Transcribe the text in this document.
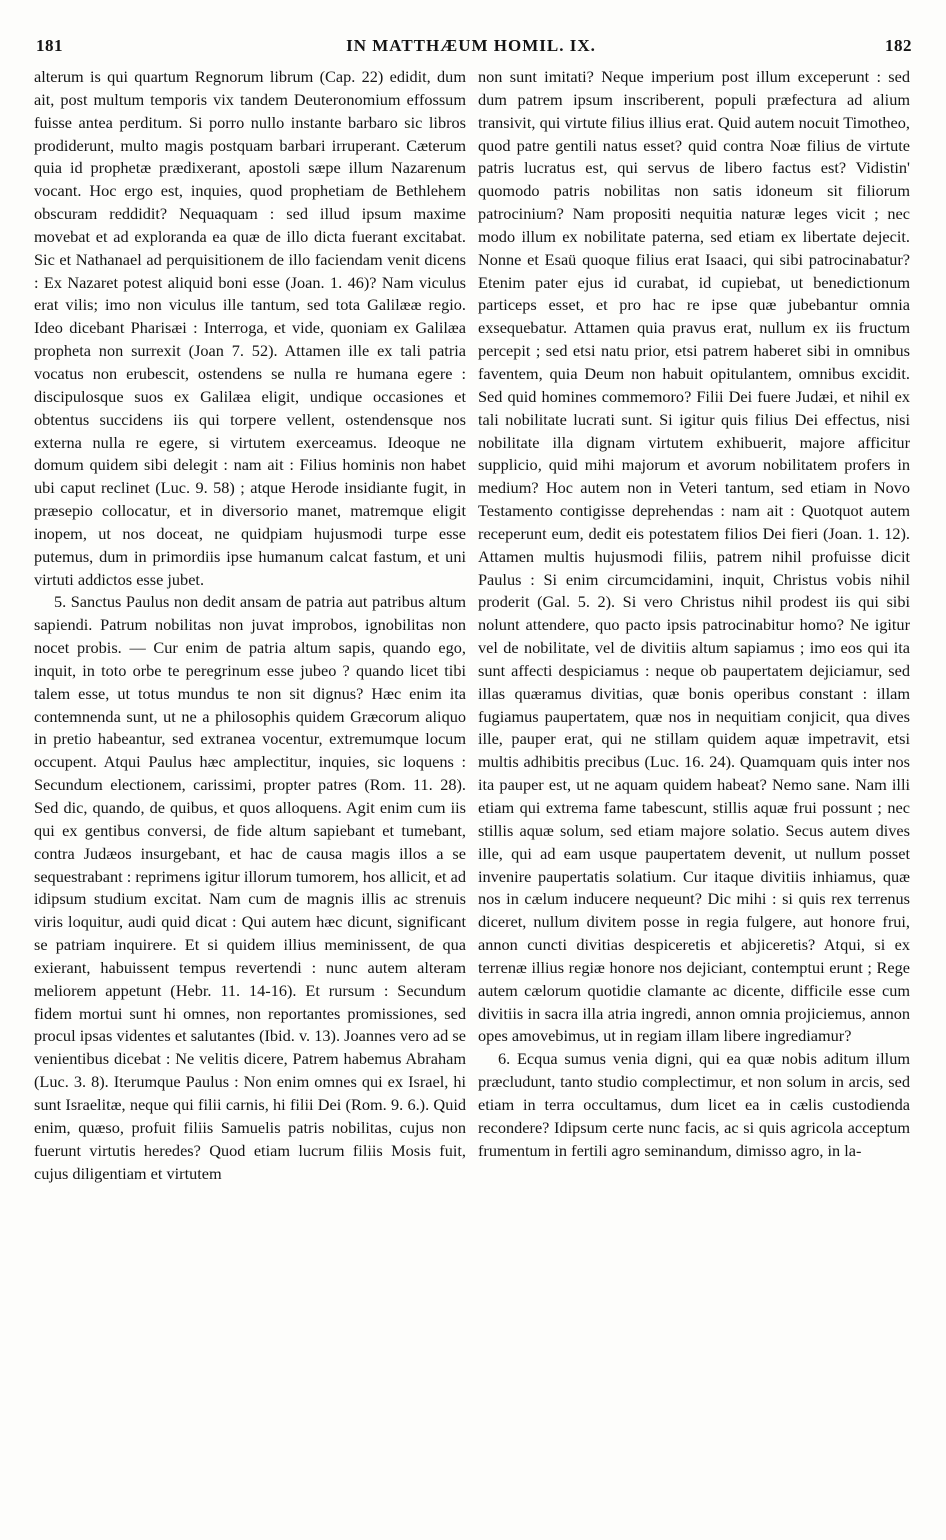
181	IN MATTHÆUM HOMIL. IX.	182

alterum is qui quartum Regnorum librum (Cap. 22) edidit, dum ait, post multum temporis vix tandem Deuteronomium effossum fuisse antea perditum. Si porro nullo instante barbaro sic libros prodiderunt, multo magis postquam barbari irruperant. Cæterum quia id prophetæ prædixerant, apostoli sæpe illum Nazarenum vocant. Hoc ergo est, inquies, quod prophetiam de Bethlehem obscuram reddidit? Nequaquam : sed illud ipsum maxime movebat et ad exploranda ea quæ de illo dicta fuerant excitabat. Sic et Nathanael ad perquisitionem de illo faciendam venit dicens : Ex Nazaret potest aliquid boni esse (Joan. 1. 46)? Nam viculus erat vilis; imo non viculus ille tantum, sed tota Galilææ regio. Ideo dicebant Pharisæi : Interroga, et vide, quoniam ex Galilæa propheta non surrexit (Joan 7. 52). Attamen ille ex tali patria vocatus non erubescit, ostendens se nulla re humana egere : discipulosque suos ex Galilæa eligit, undique occasiones et obtentus succidens iis qui torpere vellent, ostendensque nos externa nulla re egere, si virtutem exerceamus. Ideoque ne domum quidem sibi delegit : nam ait : Filius hominis non habet ubi caput reclinet (Luc. 9. 58) ; atque Herode insidiante fugit, in præsepio collocatur, et in diversorio manet, matremque eligit inopem, ut nos doceat, ne quidpiam hujusmodi turpe esse putemus, dum in primordiis ipse humanum calcat fastum, et uni virtuti addictos esse jubet.

5. Sanctus Paulus non dedit ansam de patria aut patribus altum sapiendi. Patrum nobilitas non juvat improbos, ignobilitas non nocet probis. — Cur enim de patria altum sapis, quando ego, inquit, in toto orbe te peregrinum esse jubeo ? quando licet tibi talem esse, ut totus mundus te non sit dignus? Hæc enim ita contemnenda sunt, ut ne a philosophis quidem Græcorum aliquo in pretio habeantur, sed extranea vocentur, extremumque locum occupent. Atqui Paulus hæc amplectitur, inquies, sic loquens : Secundum electionem, carissimi, propter patres (Rom. 11. 28). Sed dic, quando, de quibus, et quos alloquens. Agit enim cum iis qui ex gentibus conversi, de fide altum sapiebant et tumebant, contra Judæos insurgebant, et hac de causa magis illos a se sequestrabant : reprimens igitur illorum tumorem, hos allicit, et ad idipsum studium excitat. Nam cum de magnis illis ac strenuis viris loquitur, audi quid dicat : Qui autem hæc dicunt, significant se patriam inquirere. Et si quidem illius meminissent, de qua exierant, habuissent tempus revertendi : nunc autem alteram meliorem appetunt (Hebr. 11. 14-16). Et rursum : Secundum fidem mortui sunt hi omnes, non reportantes promissiones, sed procul ipsas videntes et salutantes (Ibid. v. 13). Joannes vero ad se venientibus dicebat : Ne velitis dicere, Patrem habemus Abraham (Luc. 3. 8). Iterumque Paulus : Non enim omnes qui ex Israel, hi sunt Israelitæ, neque qui filii carnis, hi filii Dei (Rom. 9. 6.). Quid enim, quæso, profuit filiis Samuelis patris nobilitas, cujus non fuerunt virtutis heredes? Quod etiam lucrum filiis Mosis fuit, cujus diligentiam et virtutem

non sunt imitati? Neque imperium post illum exceperunt : sed dum patrem ipsum inscriberent, populi præfectura ad alium transivit, qui virtute filius illius erat. Quid autem nocuit Timotheo, quod patre gentili natus esset? quid contra Noæ filius de virtute patris lucratus est, qui servus de libero factus est? Vidistin' quomodo patris nobilitas non satis idoneum sit filiorum patrocinium? Nam propositi nequitia naturæ leges vicit ; nec modo illum ex nobilitate paterna, sed etiam ex libertate dejecit. Nonne et Esaü quoque filius erat Isaaci, qui sibi patrocinabatur? Etenim pater ejus id curabat, id cupiebat, ut benedictionum particeps esset, et pro hac re ipse quæ jubebantur omnia exsequebatur. Attamen quia pravus erat, nullum ex iis fructum percepit ; sed etsi natu prior, etsi patrem haberet sibi in omnibus faventem, quia Deum non habuit opitulantem, omnibus excidit. Sed quid homines commemoro? Filii Dei fuere Judæi, et nihil ex tali nobilitate lucrati sunt. Si igitur quis filius Dei effectus, nisi nobilitate illa dignam virtutem exhibuerit, majore afficitur supplicio, quid mihi majorum et avorum nobilitatem profers in medium? Hoc autem non in Veteri tantum, sed etiam in Novo Testamento contigisse deprehendas : nam ait : Quotquot autem receperunt eum, dedit eis potestatem filios Dei fieri (Joan. 1. 12). Attamen multis hujusmodi filiis, patrem nihil profuisse dicit Paulus : Si enim circumcidamini, inquit, Christus vobis nihil proderit (Gal. 5. 2). Si vero Christus nihil prodest iis qui sibi nolunt attendere, quo pacto ipsis patrocinabitur homo? Ne igitur vel de nobilitate, vel de divitiis altum sapiamus ; imo eos qui ita sunt affecti despiciamus : neque ob paupertatem dejiciamur, sed illas quæramus divitias, quæ bonis operibus constant : illam fugiamus paupertatem, quæ nos in nequitiam conjicit, qua dives ille, pauper erat, qui ne stillam quidem aquæ impetravit, etsi multis adhibitis precibus (Luc. 16. 24). Quamquam quis inter nos ita pauper est, ut ne aquam quidem habeat? Nemo sane. Nam illi etiam qui extrema fame tabescunt, stillis aquæ frui possunt ; nec stillis aquæ solum, sed etiam majore solatio. Secus autem dives ille, qui ad eam usque paupertatem devenit, ut nullum posset invenire paupertatis solatium. Cur itaque divitiis inhiamus, quæ nos in cælum inducere nequeunt? Dic mihi : si quis rex terrenus diceret, nullum divitem posse in regia fulgere, aut honore frui, annon cuncti divitias despiceretis et abjiceretis? Atqui, si ex terrenæ illius regiæ honore nos dejiciant, contemptui erunt ; Rege autem cælorum quotidie clamante ac dicente, difficile esse cum divitiis in sacra illa atria ingredi, annon omnia projiciemus, annon opes amovebimus, ut in regiam illam libere ingrediamur?

6. Ecqua sumus venia digni, qui ea quæ nobis aditum illum præcludunt, tanto studio complectimur, et non solum in arcis, sed etiam in terra occultamus, dum licet ea in cælis custodienda recondere? Idipsum certe nunc facis, ac si quis agricola acceptum frumentum in fertili agro seminandum, dimisso agro, in la-
